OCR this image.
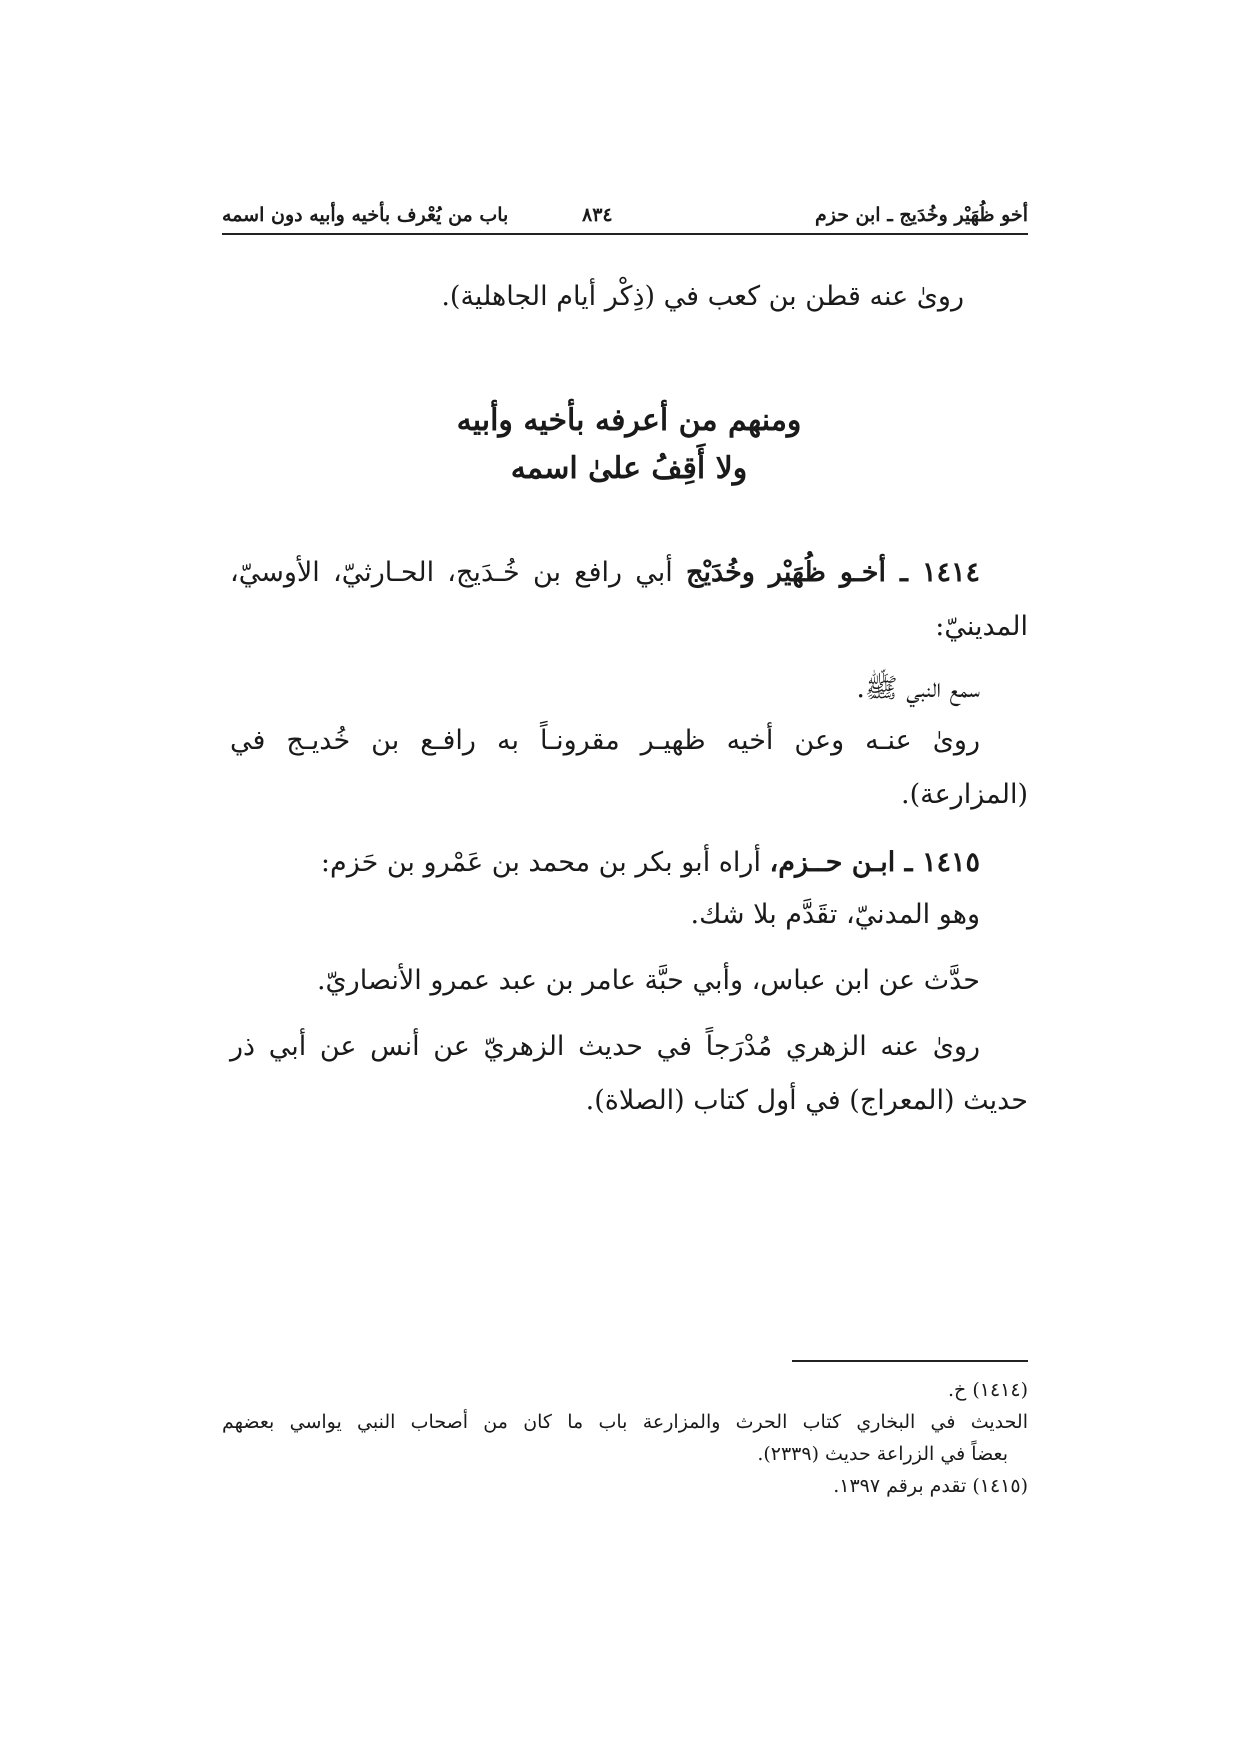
أخو ظُهَيْر وخُدَيج ـ ابن حزم
٨٣٤
باب من يُعْرف بأخيه وأبيه دون اسمه
رویٰ عنه قطن بن كعب في (ذِكْر أيام الجاهلية).
ومنهم من أعرفه بأخيه وأبيه
ولا أَقِفُ علىٰ اسمه
١٤١٤ ـ أخـو ظُهَيْر وخُدَيْج أبي رافع بن خُـدَيج، الحـارثيّ، الأوسيّ، المدينيّ:
سمع النبي ﷺ.
رویٰ عنـه وعن أخيه ظهيـر مقرونـاً به رافـع بن خُديـج في (المزارعة).
١٤١٥ ـ ابـن حــزم، أراه أبو بكر بن محمد بن عَمْرو بن حَزم:
وهو المدنيّ، تقَدَّم بلا شك.
حدَّث عن ابن عباس، وأبي حبَّة عامر بن عبد عمرو الأنصاريّ.
رویٰ عنه الزهري مُدْرَجاً في حديث الزهريّ عن أنس عن أبي ذر حديث (المعراج) في أول كتاب (الصلاة).
(١٤١٤) خ.
الحديث في البخاري كتاب الحرث والمزارعة باب ما كان من أصحاب النبي يواسي بعضهم
بعضاً في الزراعة حديث (٢٣٣٩).
(١٤١٥) تقدم برقم ١٣٩٧.
